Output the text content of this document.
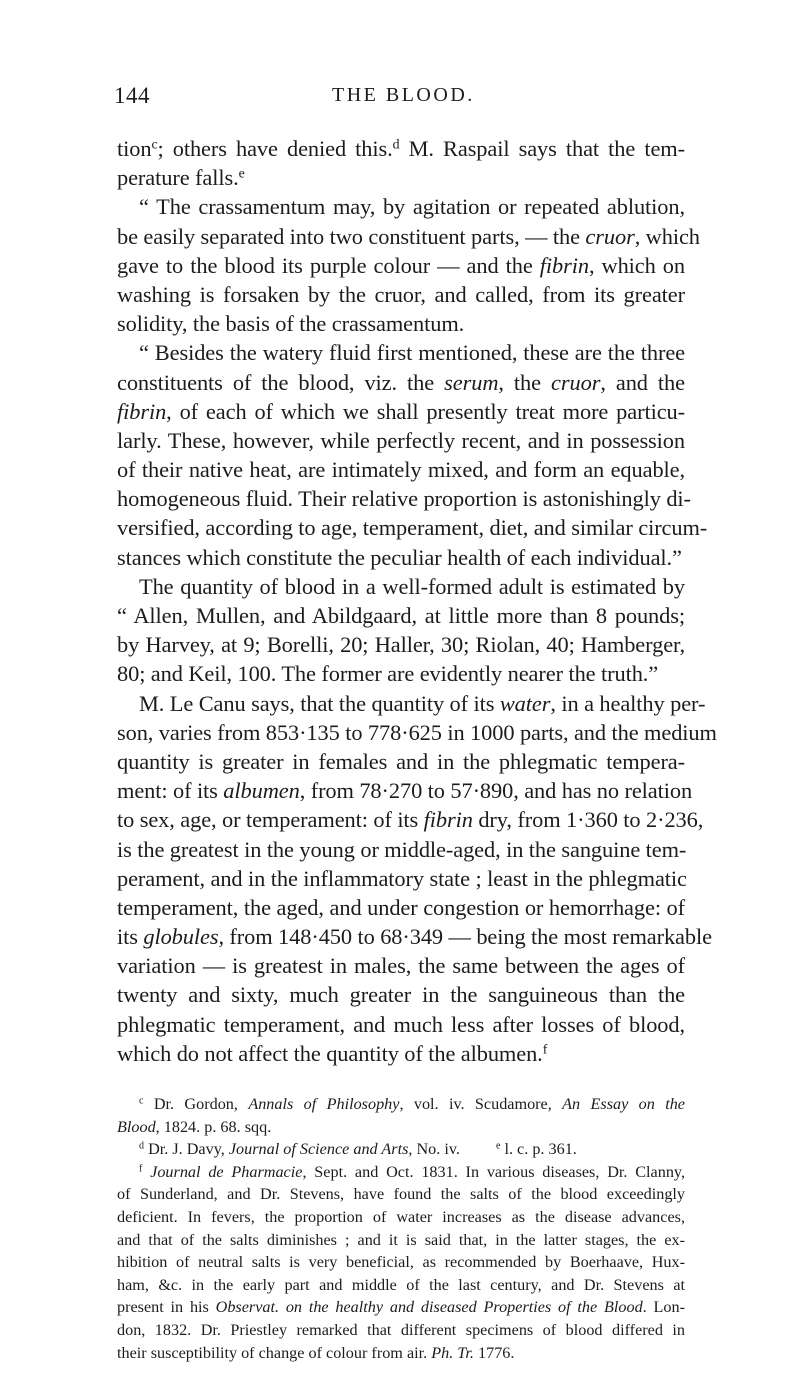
144	THE BLOOD.
tion$^c$; others have denied this.$^d$ M. Raspail says that the tem-
perature falls.$^e$
“ The crassamentum may, by agitation or repeated ablution,
be easily separated into two constituent parts, — the cruor, which
gave to the blood its purple colour — and the fibrin, which on
washing is forsaken by the cruor, and called, from its greater
solidity, the basis of the crassamentum.
“ Besides the watery fluid first mentioned, these are the three
constituents of the blood, viz. the serum, the cruor, and the
fibrin, of each of which we shall presently treat more particu-
larly. These, however, while perfectly recent, and in possession
of their native heat, are intimately mixed, and form an equable,
homogeneous fluid. Their relative proportion is astonishingly di-
versified, according to age, temperament, diet, and similar circum-
stances which constitute the peculiar health of each individual.”
The quantity of blood in a well-formed adult is estimated by
“ Allen, Mullen, and Abildgaard, at little more than 8 pounds;
by Harvey, at 9; Borelli, 20; Haller, 30; Riolan, 40; Hamberger,
80; and Keil, 100. The former are evidently nearer the truth.”
M. Le Canu says, that the quantity of its water, in a healthy per-
son, varies from 853·135 to 778·625 in 1000 parts, and the medium
quantity is greater in females and in the phlegmatic tempera-
ment: of its albumen, from 78·270 to 57·890, and has no relation
to sex, age, or temperament: of its fibrin dry, from 1·360 to 2·236,
is the greatest in the young or middle-aged, in the sanguine tem-
perament, and in the inflammatory state ; least in the phlegmatic
temperament, the aged, and under congestion or hemorrhage: of
its globules, from 148·450 to 68·349 — being the most remarkable
variation — is greatest in males, the same between the ages of
twenty and sixty, much greater in the sanguineous than the
phlegmatic temperament, and much less after losses of blood,
which do not affect the quantity of the albumen.$^f$
$^c$ Dr. Gordon, Annals of Philosophy, vol. iv. Scudamore, An Essay on the
Blood, 1824. p. 68. sqq.
$^d$ Dr. J. Davy, Journal of Science and Arts, No. iv.	$^e$ l. c. p. 361.
$^f$ Journal de Pharmacie, Sept. and Oct. 1831. In various diseases, Dr. Clanny,
of Sunderland, and Dr. Stevens, have found the salts of the blood exceedingly
deficient. In fevers, the proportion of water increases as the disease advances,
and that of the salts diminishes ; and it is said that, in the latter stages, the ex-
hibition of neutral salts is very beneficial, as recommended by Boerhaave, Hux-
ham, &c. in the early part and middle of the last century, and Dr. Stevens at
present in his Observat. on the healthy and diseased Properties of the Blood. Lon-
don, 1832. Dr. Priestley remarked that different specimens of blood differed in
their susceptibility of change of colour from air. Ph. Tr. 1776.
